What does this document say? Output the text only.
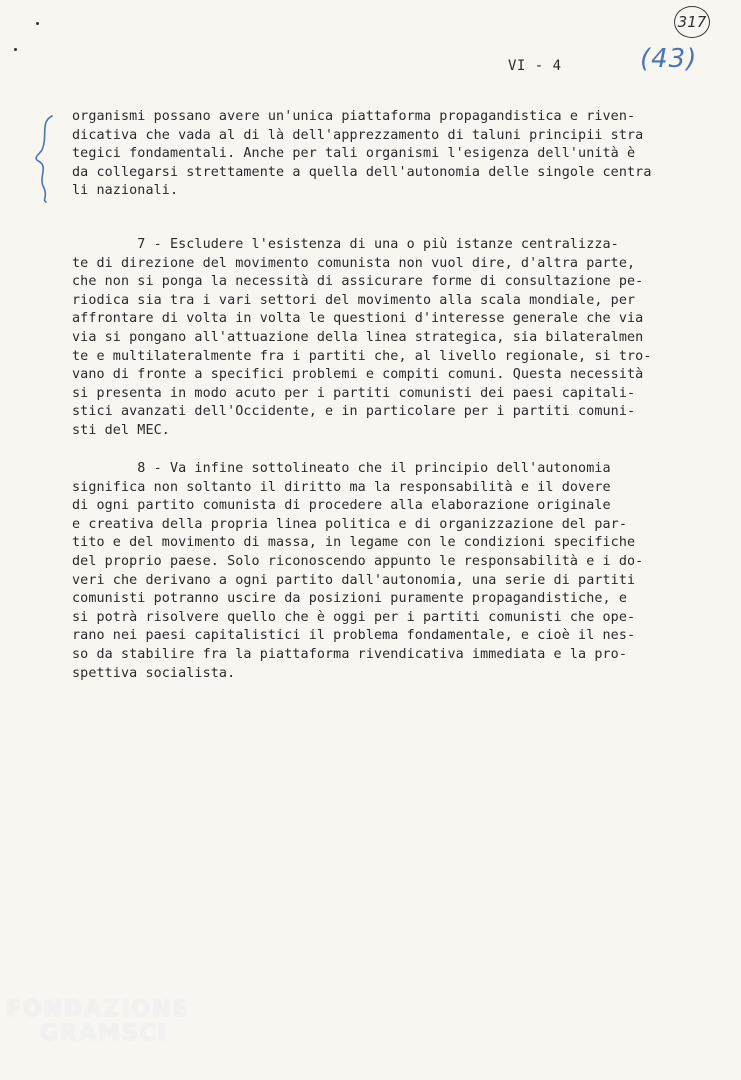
VI - 4
317
(43)
organismi possano avere un'unica piattaforma propagandistica e riven-
dicativa che vada al di là dell'apprezzamento di taluni principii stra
tegici fondamentali. Anche per tali organismi l'esigenza dell'unità è
da collegarsi strettamente a quella dell'autonomia delle singole centra
li nazionali.
7 - Escludere l'esistenza di una o più istanze centralizza-
te di direzione del movimento comunista non vuol dire, d'altra parte,
che non si ponga la necessità di assicurare forme di consultazione pe-
riodica sia tra i vari settori del movimento alla scala mondiale, per
affrontare di volta in volta le questioni d'interesse generale che via
via si pongano all'attuazione della linea strategica, sia bilateralmen
te e multilateralmente fra i partiti che, al livello regionale, si tro-
vano di fronte a specifici problemi e compiti comuni. Questa necessità
si presenta in modo acuto per i partiti comunisti dei paesi capitali-
stici avanzati dell'Occidente, e in particolare per i partiti comuni-
sti del MEC.
8 - Va infine sottolineato che il principio dell'autonomia
significa non soltanto il diritto ma la responsabilità e il dovere
di ogni partito comunista di procedere alla elaborazione originale
e creativa della propria linea politica e di organizzazione del par-
tito e del movimento di massa, in legame con le condizioni specifiche
del proprio paese. Solo riconoscendo appunto le responsabilità e i do-
veri che derivano a ogni partito dall'autonomia, una serie di partiti
comunisti potranno uscire da posizioni puramente propagandistiche, e
si potrà risolvere quello che è oggi per i partiti comunisti che ope-
rano nei paesi capitalistici il problema fondamentale, e cioè il nes-
so da stabilire fra la piattaforma rivendicativa immediata e la pro-
spettiva socialista.
FONDAZIONE
GRAMSCI
